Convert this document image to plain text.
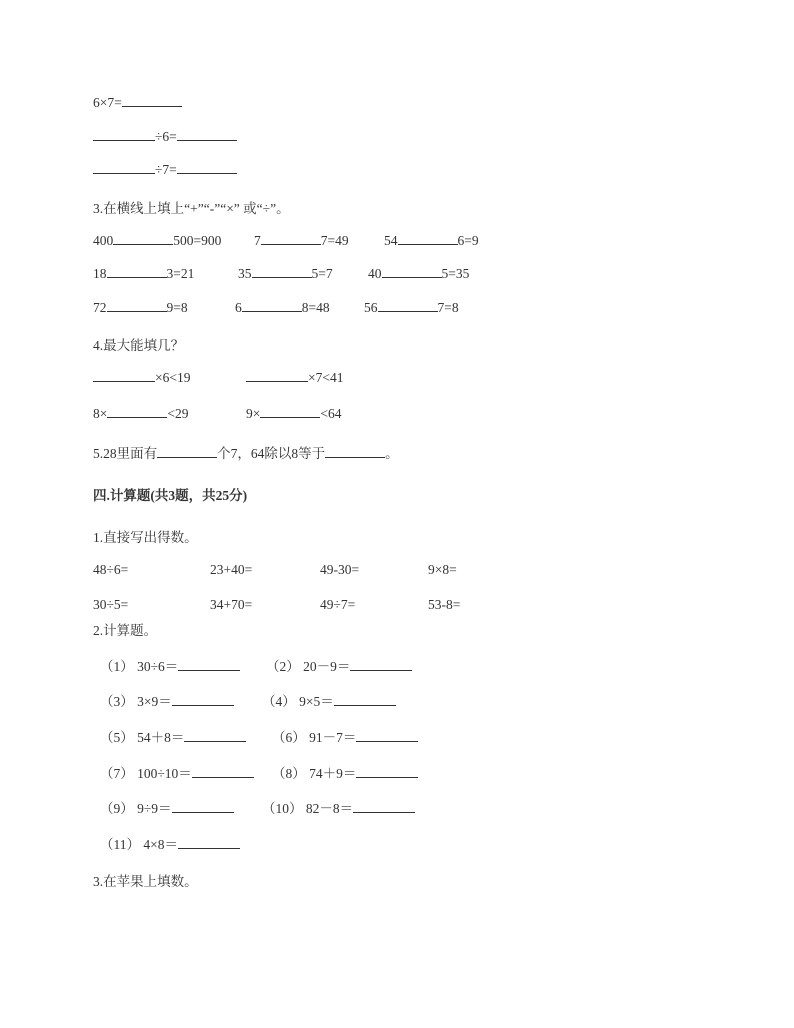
6×7=
÷6=
÷7=
3.在横线上填上“+”“-”“×” 或“÷”。
400	500=900 7	7=49	54	6=9
18	3=21	35	5=7	40	5=35
72	9=8	6	8=48	56	7=8
4.最大能填几？
×6<19	×7<41
8×	<29	9×	<64
5.28里面有	个7，64除以8等于	。
四.计算题(共3题，共25分)
1.直接写出得数。
48÷6=	23+40=	49-30=	9×8=
30÷5=	34+70=	49÷7=	53-8=
2.计算题。
（1） 30÷6＝	（2） 20－9＝
（3） 3×9＝	（4） 9×5＝
（5） 54＋8＝	（6） 91－7＝
（7） 100÷10＝	（8） 74＋9＝
（9） 9÷9＝	（10） 82－8＝
（11） 4×8＝
3.在苹果上填数。
